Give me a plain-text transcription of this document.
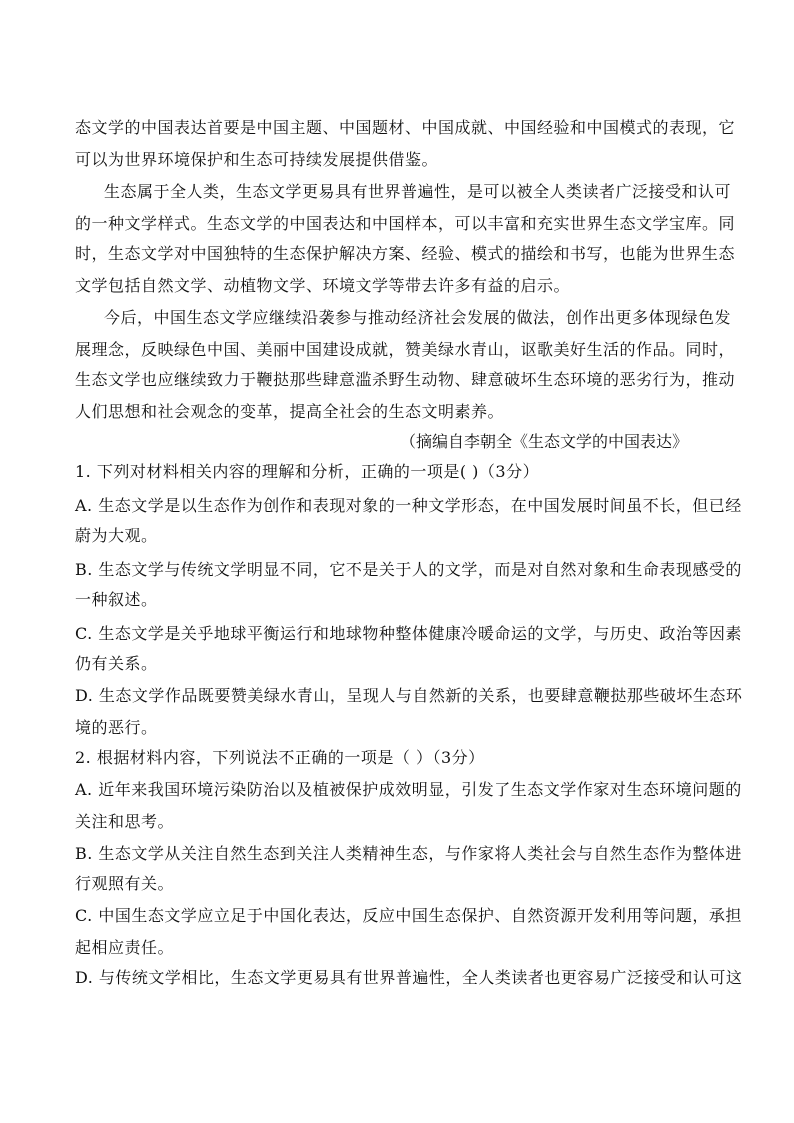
态文学的中国表达首要是中国主题、中国题材、中国成就、中国经验和中国模式的表现，它
可以为世界环境保护和生态可持续发展提供借鉴。
生态属于全人类，生态文学更易具有世界普遍性，是可以被全人类读者广泛接受和认可
的一种文学样式。生态文学的中国表达和中国样本，可以丰富和充实世界生态文学宝库。同
时，生态文学对中国独特的生态保护解决方案、经验、模式的描绘和书写，也能为世界生态
文学包括自然文学、动植物文学、环境文学等带去许多有益的启示。
今后，中国生态文学应继续沿袭参与推动经济社会发展的做法，创作出更多体现绿色发
展理念，反映绿色中国、美丽中国建设成就，赞美绿水青山，讴歌美好生活的作品。同时，
生态文学也应继续致力于鞭挞那些肆意滥杀野生动物、肆意破坏生态环境的恶劣行为，推动
人们思想和社会观念的变革，提高全社会的生态文明素养。
（摘编自李朝全《生态文学的中国表达》
1. 下列对材料相关内容的理解和分析，正确的一项是( )（3分）
A. 生态文学是以生态作为创作和表现对象的一种文学形态，在中国发展时间虽不长，但已经
蔚为大观。
B. 生态文学与传统文学明显不同，它不是关于人的文学，而是对自然对象和生命表现感受的
一种叙述。
C. 生态文学是关乎地球平衡运行和地球物种整体健康冷暖命运的文学，与历史、政治等因素
仍有关系。
D. 生态文学作品既要赞美绿水青山，呈现人与自然新的关系，也要肆意鞭挞那些破坏生态环
境的恶行。
2. 根据材料内容，下列说法不正确的一项是（ ）（3分）
A. 近年来我国环境污染防治以及植被保护成效明显，引发了生态文学作家对生态环境问题的
关注和思考。
B. 生态文学从关注自然生态到关注人类精神生态，与作家将人类社会与自然生态作为整体进
行观照有关。
C. 中国生态文学应立足于中国化表达，反应中国生态保护、自然资源开发利用等问题，承担
起相应责任。
D. 与传统文学相比，生态文学更易具有世界普遍性，全人类读者也更容易广泛接受和认可这
